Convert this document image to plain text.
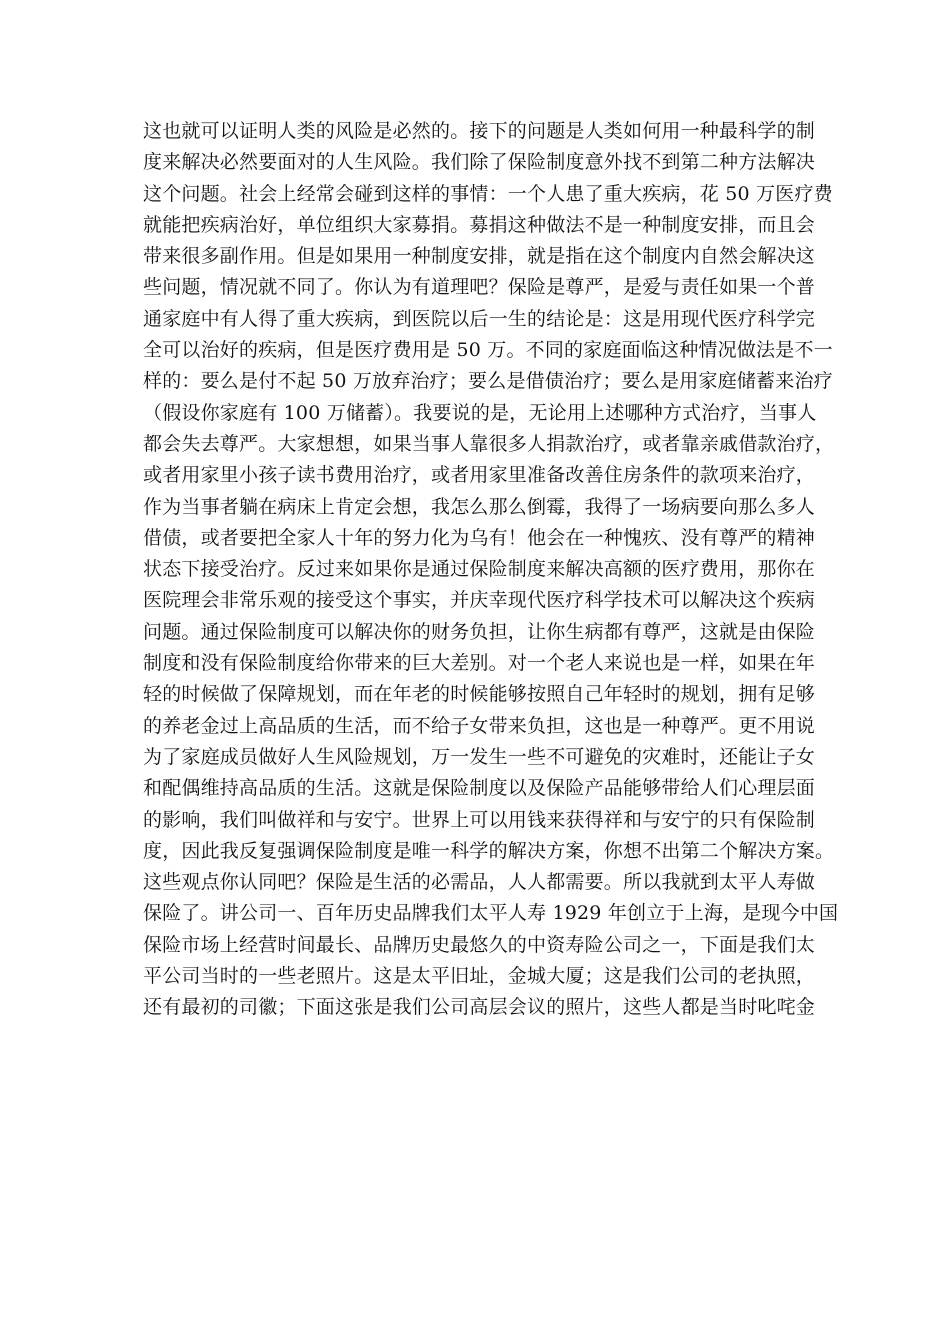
这也就可以证明人类的风险是必然的。接下的问题是人类如何用一种最科学的制
度来解决必然要面对的人生风险。我们除了保险制度意外找不到第二种方法解决
这个问题。社会上经常会碰到这样的事情：一个人患了重大疾病，花 50 万医疗费
就能把疾病治好，单位组织大家募捐。募捐这种做法不是一种制度安排，而且会
带来很多副作用。但是如果用一种制度安排，就是指在这个制度内自然会解决这
些问题，情况就不同了。你认为有道理吧？保险是尊严，是爱与责任如果一个普
通家庭中有人得了重大疾病，到医院以后一生的结论是：这是用现代医疗科学完
全可以治好的疾病，但是医疗费用是 50 万。不同的家庭面临这种情况做法是不一
样的：要么是付不起 50 万放弃治疗；要么是借债治疗；要么是用家庭储蓄来治疗
（假设你家庭有 100 万储蓄）。我要说的是，无论用上述哪种方式治疗，当事人
都会失去尊严。大家想想，如果当事人靠很多人捐款治疗，或者靠亲戚借款治疗，
或者用家里小孩子读书费用治疗，或者用家里准备改善住房条件的款项来治疗，
作为当事者躺在病床上肯定会想，我怎么那么倒霉，我得了一场病要向那么多人
借债，或者要把全家人十年的努力化为乌有！他会在一种愧疚、没有尊严的精神
状态下接受治疗。反过来如果你是通过保险制度来解决高额的医疗费用，那你在
医院理会非常乐观的接受这个事实，并庆幸现代医疗科学技术可以解决这个疾病
问题。通过保险制度可以解决你的财务负担，让你生病都有尊严，这就是由保险
制度和没有保险制度给你带来的巨大差别。对一个老人来说也是一样，如果在年
轻的时候做了保障规划，而在年老的时候能够按照自己年轻时的规划，拥有足够
的养老金过上高品质的生活，而不给子女带来负担，这也是一种尊严。更不用说
为了家庭成员做好人生风险规划，万一发生一些不可避免的灾难时，还能让子女
和配偶维持高品质的生活。这就是保险制度以及保险产品能够带给人们心理层面
的影响，我们叫做祥和与安宁。世界上可以用钱来获得祥和与安宁的只有保险制
度，因此我反复强调保险制度是唯一科学的解决方案，你想不出第二个解决方案。
这些观点你认同吧？保险是生活的必需品，人人都需要。所以我就到太平人寿做
保险了。讲公司一、百年历史品牌我们太平人寿 1929 年创立于上海，是现今中国
保险市场上经营时间最长、品牌历史最悠久的中资寿险公司之一，下面是我们太
平公司当时的一些老照片。这是太平旧址，金城大厦；这是我们公司的老执照，
还有最初的司徽；下面这张是我们公司高层会议的照片，这些人都是当时叱咤金
